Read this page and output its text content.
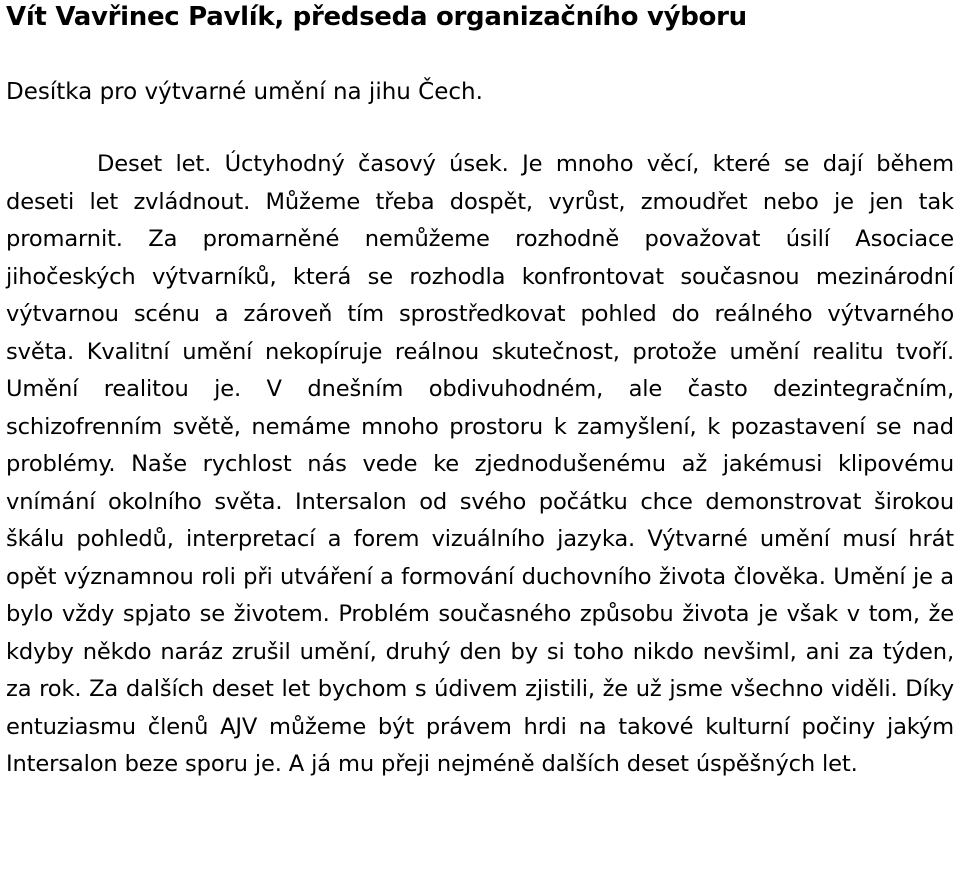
Vít Vavřinec Pavlík, předseda organizačního výboru

Desítka pro výtvarné umění na jihu Čech.

Deset let. Úctyhodný časový úsek. Je mnoho věcí, které se dají během deseti let zvládnout. Můžeme třeba dospět, vyrůst, zmoudřet nebo je jen tak promarnit. Za promarněné nemůžeme rozhodně považovat úsilí Asociace jihočeských výtvarníků, která se rozhodla konfrontovat současnou mezinárodní výtvarnou scénu a zároveň tím sprostředkovat pohled do reálného výtvarného světa. Kvalitní umění nekopíruje reálnou skutečnost, protože umění realitu tvoří. Umění realitou je. V dnešním obdivuhodném, ale často dezintegračním, schizofrenním světě, nemáme mnoho prostoru k zamyšlení, k pozastavení se nad problémy. Naše rychlost nás vede ke zjednodušenému až jakémusi klipovému vnímání okolního světa. Intersalon od svého počátku chce demonstrovat širokou škálu pohledů, interpretací a forem vizuálního jazyka. Výtvarné umění musí hrát opět významnou roli při utváření a formování duchovního života člověka. Umění je a bylo vždy spjato se životem. Problém současného způsobu života je však v tom, že kdyby někdo naráz zrušil umění, druhý den by si toho nikdo nevšiml, ani za týden, za rok. Za dalších deset let bychom s údivem zjistili, že už jsme všechno viděli. Díky entuziasmu členů AJV můžeme být právem hrdi na takové kulturní počiny jakým Intersalon beze sporu je. A já mu přeji nejméně dalších deset úspěšných let.
